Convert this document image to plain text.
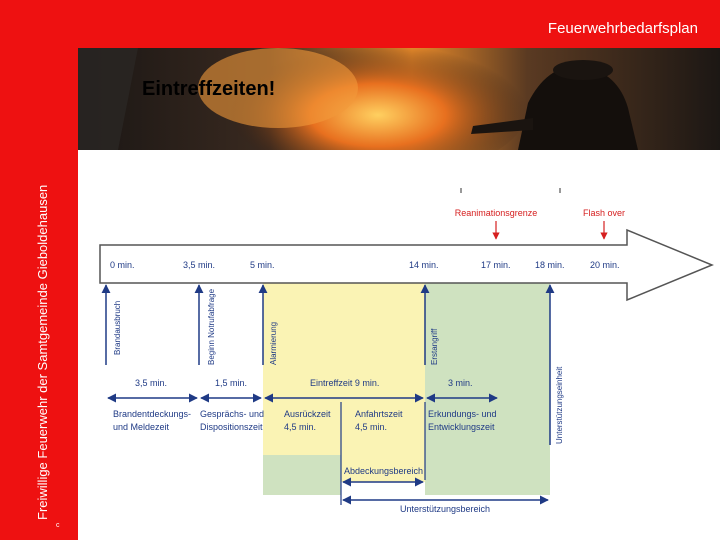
Feuerwehrbedarfsplan
Freiwillige Feuerwehr der Samtgemeinde Gieboldehausen
c
Eintreffzeiten!
Reanimationsgrenze	Flash over
0 min.	3,5 min.	5 min.	14 min.	17 min.	18 min.	20 min.
Brandausbruch	Beginn Notrufabfrage	Alarmierung	Erstangriff
Unterstützungseinheit
3,5 min.	1,5 min.	Eintreffzeit 9 min.	3 min.
Brandentdeckungs-
und Meldezeit
Gesprächs- und
Dispositionszeit
Ausrückzeit
4,5 min.
Anfahrtszeit
4,5 min.
Erkundungs- und
Entwicklungszeit
Abdeckungsbereich
Unterstützungsbereich
